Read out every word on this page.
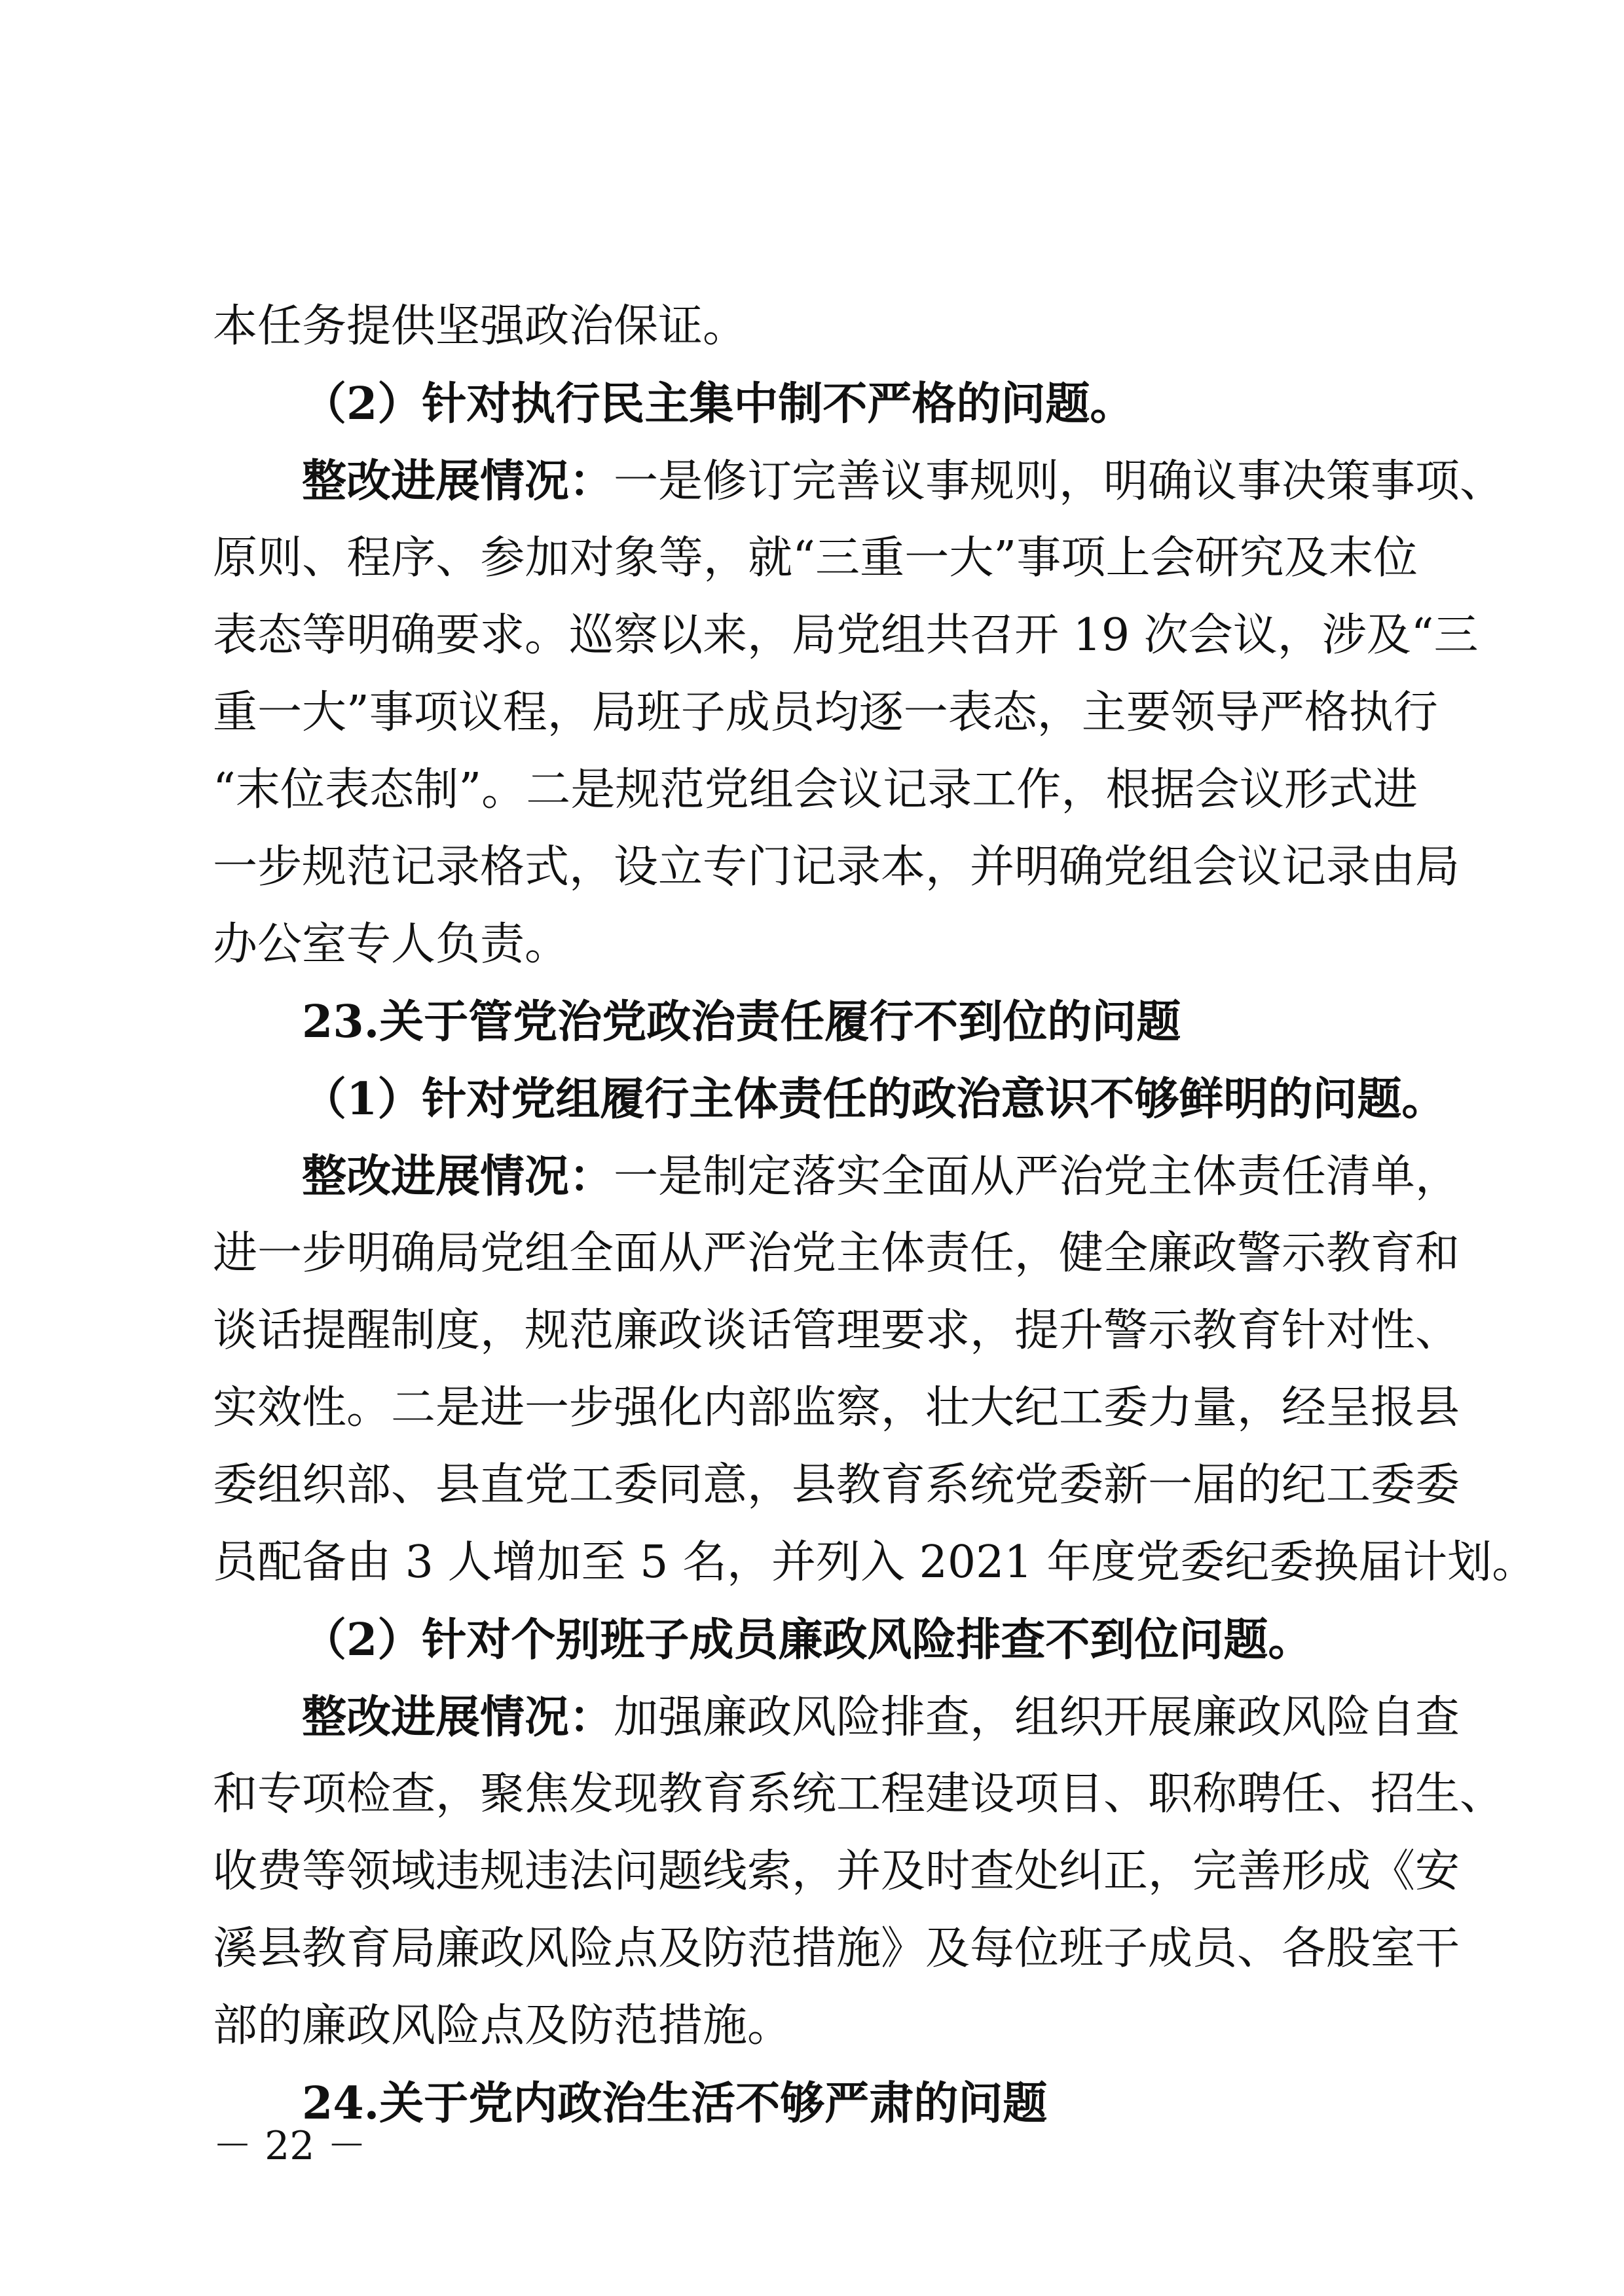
本任务提供坚强政治保证。
（2）针对执行民主集中制不严格的问题。
整改进展情况：一是修订完善议事规则，明确议事决策事项、
原则、程序、参加对象等，就“三重一大”事项上会研究及末位
表态等明确要求。巡察以来，局党组共召开 19 次会议，涉及“三
重一大”事项议程，局班子成员均逐一表态，主要领导严格执行
“末位表态制”。二是规范党组会议记录工作，根据会议形式进
一步规范记录格式，设立专门记录本，并明确党组会议记录由局
办公室专人负责。
23.关于管党治党政治责任履行不到位的问题
（1）针对党组履行主体责任的政治意识不够鲜明的问题。
整改进展情况：一是制定落实全面从严治党主体责任清单，
进一步明确局党组全面从严治党主体责任，健全廉政警示教育和
谈话提醒制度，规范廉政谈话管理要求，提升警示教育针对性、
实效性。二是进一步强化内部监察，壮大纪工委力量，经呈报县
委组织部、县直党工委同意，县教育系统党委新一届的纪工委委
员配备由 3 人增加至 5 名，并列入 2021 年度党委纪委换届计划。
（2）针对个别班子成员廉政风险排查不到位问题。
整改进展情况：加强廉政风险排查，组织开展廉政风险自查
和专项检查，聚焦发现教育系统工程建设项目、职称聘任、招生、
收费等领域违规违法问题线索，并及时查处纠正，完善形成《安
溪县教育局廉政风险点及防范措施》及每位班子成员、各股室干
部的廉政风险点及防范措施。
24.关于党内政治生活不够严肃的问题
－ 22 －
